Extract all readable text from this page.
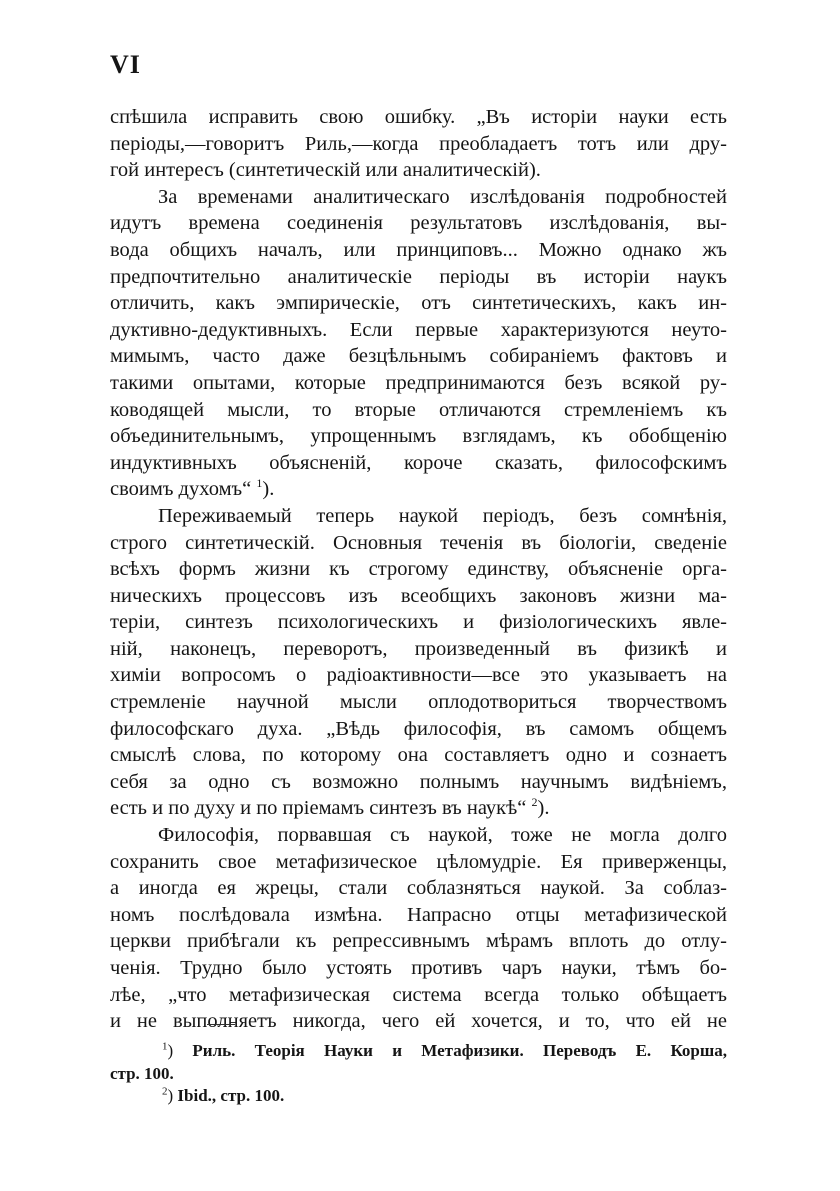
VI
спѣшила исправить свою ошибку. „Въ исторіи науки есть
періоды,—говоритъ Риль,—когда преобладаетъ тотъ или дру-
гой интересъ (синтетическій или аналитическій).
За временами аналитическаго изслѣдованія подробностей
идутъ времена соединенія результатовъ изслѣдованія, вы-
вода общихъ началъ, или принциповъ... Можно однако жъ
предпочтительно аналитическіе періоды въ исторіи наукъ
отличить, какъ эмпирическіе, отъ синтетическихъ, какъ ин-
дуктивно-дедуктивныхъ. Если первые характеризуются неуто-
мимымъ, часто даже безцѣльнымъ собираніемъ фактовъ и
такими опытами, которые предпринимаются безъ всякой ру-
ководящей мысли, то вторые отличаются стремленіемъ къ
объединительнымъ, упрощеннымъ взглядамъ, къ обобщенію
индуктивныхъ объясненій, короче сказать, философскимъ
своимъ духомъ“ $^1$).
Переживаемый теперь наукой періодъ, безъ сомнѣнія,
строго синтетическій. Основныя теченія въ біологіи, сведеніе
всѣхъ формъ жизни къ строгому единству, объясненіе орга-
ническихъ процессовъ изъ всеобщихъ законовъ жизни ма-
теріи, синтезъ психологическихъ и физіологическихъ явле-
ній, наконецъ, переворотъ, произведенный въ физикѣ и
химіи вопросомъ о радіоактивности—все это указываетъ на
стремленіе научной мысли оплодотвориться творчествомъ
философскаго духа. „Вѣдь философія, въ самомъ общемъ
смыслѣ слова, по которому она составляетъ одно и сознаетъ
себя за одно съ возможно полнымъ научнымъ видѣніемъ,
есть и по духу и по пріемамъ синтезъ въ наукѣ“ $^2$).
Философія, порвавшая съ наукой, тоже не могла долго
сохранить свое метафизическое цѣломудріе. Ея приверженцы,
а иногда ея жрецы, стали соблазняться наукой. За соблаз-
номъ послѣдовала измѣна. Напрасно отцы метафизической
церкви прибѣгали къ репрессивнымъ мѣрамъ вплоть до отлу-
ченія. Трудно было устоять противъ чаръ науки, тѣмъ бо-
лѣе, „что метафизическая система всегда только обѣщаетъ
и не выполняетъ никогда, чего ей хочется, и то, что ей не
$^1$) Риль. Теорія Науки и Метафизики. Переводъ Е. Корша,
стр. 100.
$^2$) Ibid., стр. 100.
